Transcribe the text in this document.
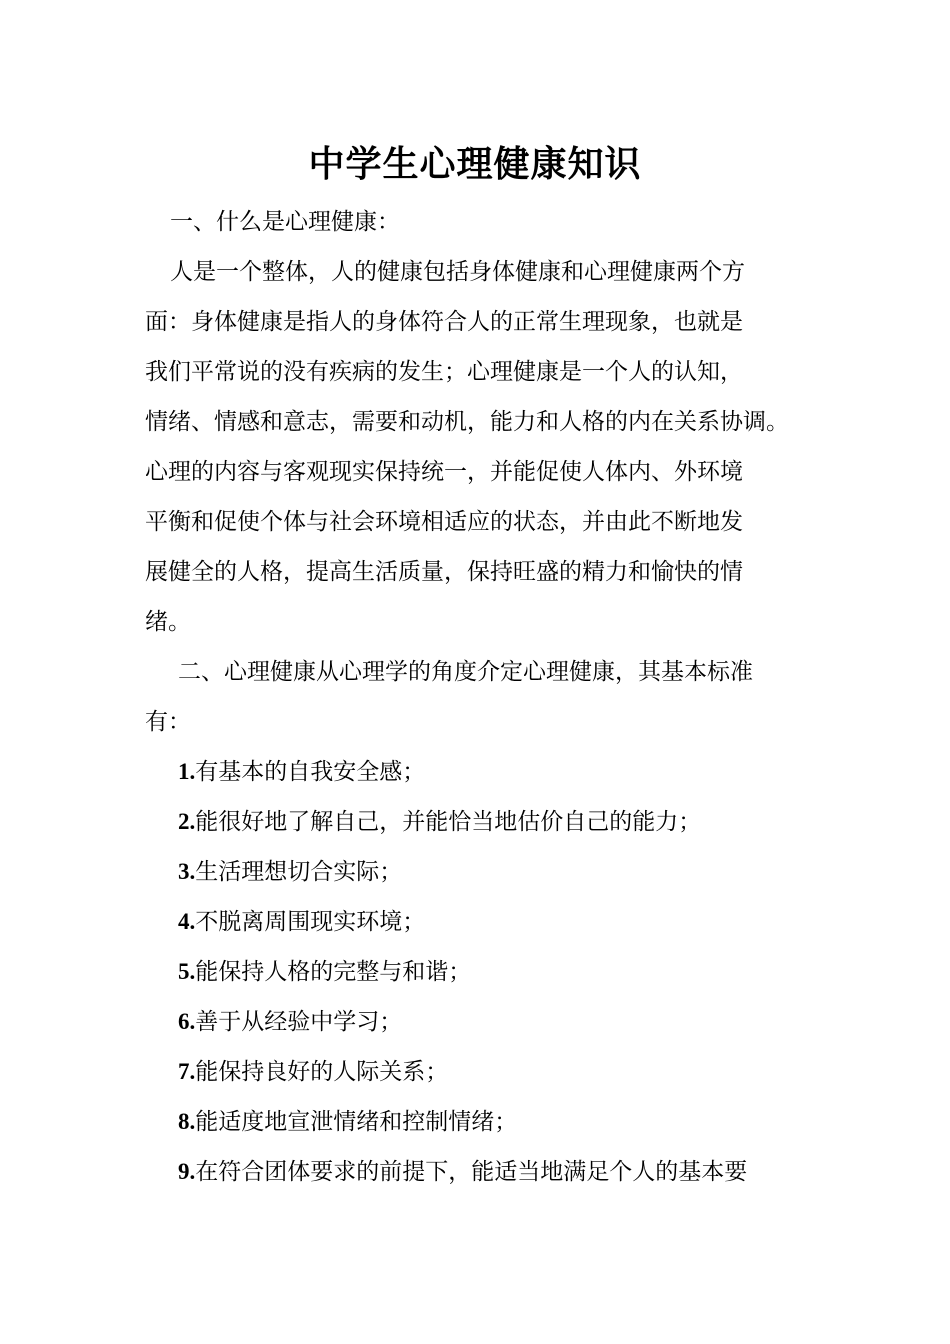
中学生心理健康知识
一、什么是心理健康：
人是一个整体，人的健康包括身体健康和心理健康两个方
面：身体健康是指人的身体符合人的正常生理现象，也就是
我们平常说的没有疾病的发生；心理健康是一个人的认知，
情绪、情感和意志，需要和动机，能力和人格的内在关系协调。
心理的内容与客观现实保持统一，并能促使人体内、外环境
平衡和促使个体与社会环境相适应的状态，并由此不断地发
展健全的人格，提高生活质量，保持旺盛的精力和愉快的情
绪。
二、心理健康从心理学的角度介定心理健康，其基本标准
有：
1.有基本的自我安全感；
2.能很好地了解自己，并能恰当地估价自己的能力；
3.生活理想切合实际；
4.不脱离周围现实环境；
5.能保持人格的完整与和谐；
6.善于从经验中学习；
7.能保持良好的人际关系；
8.能适度地宣泄情绪和控制情绪；
9.在符合团体要求的前提下，能适当地满足个人的基本要
